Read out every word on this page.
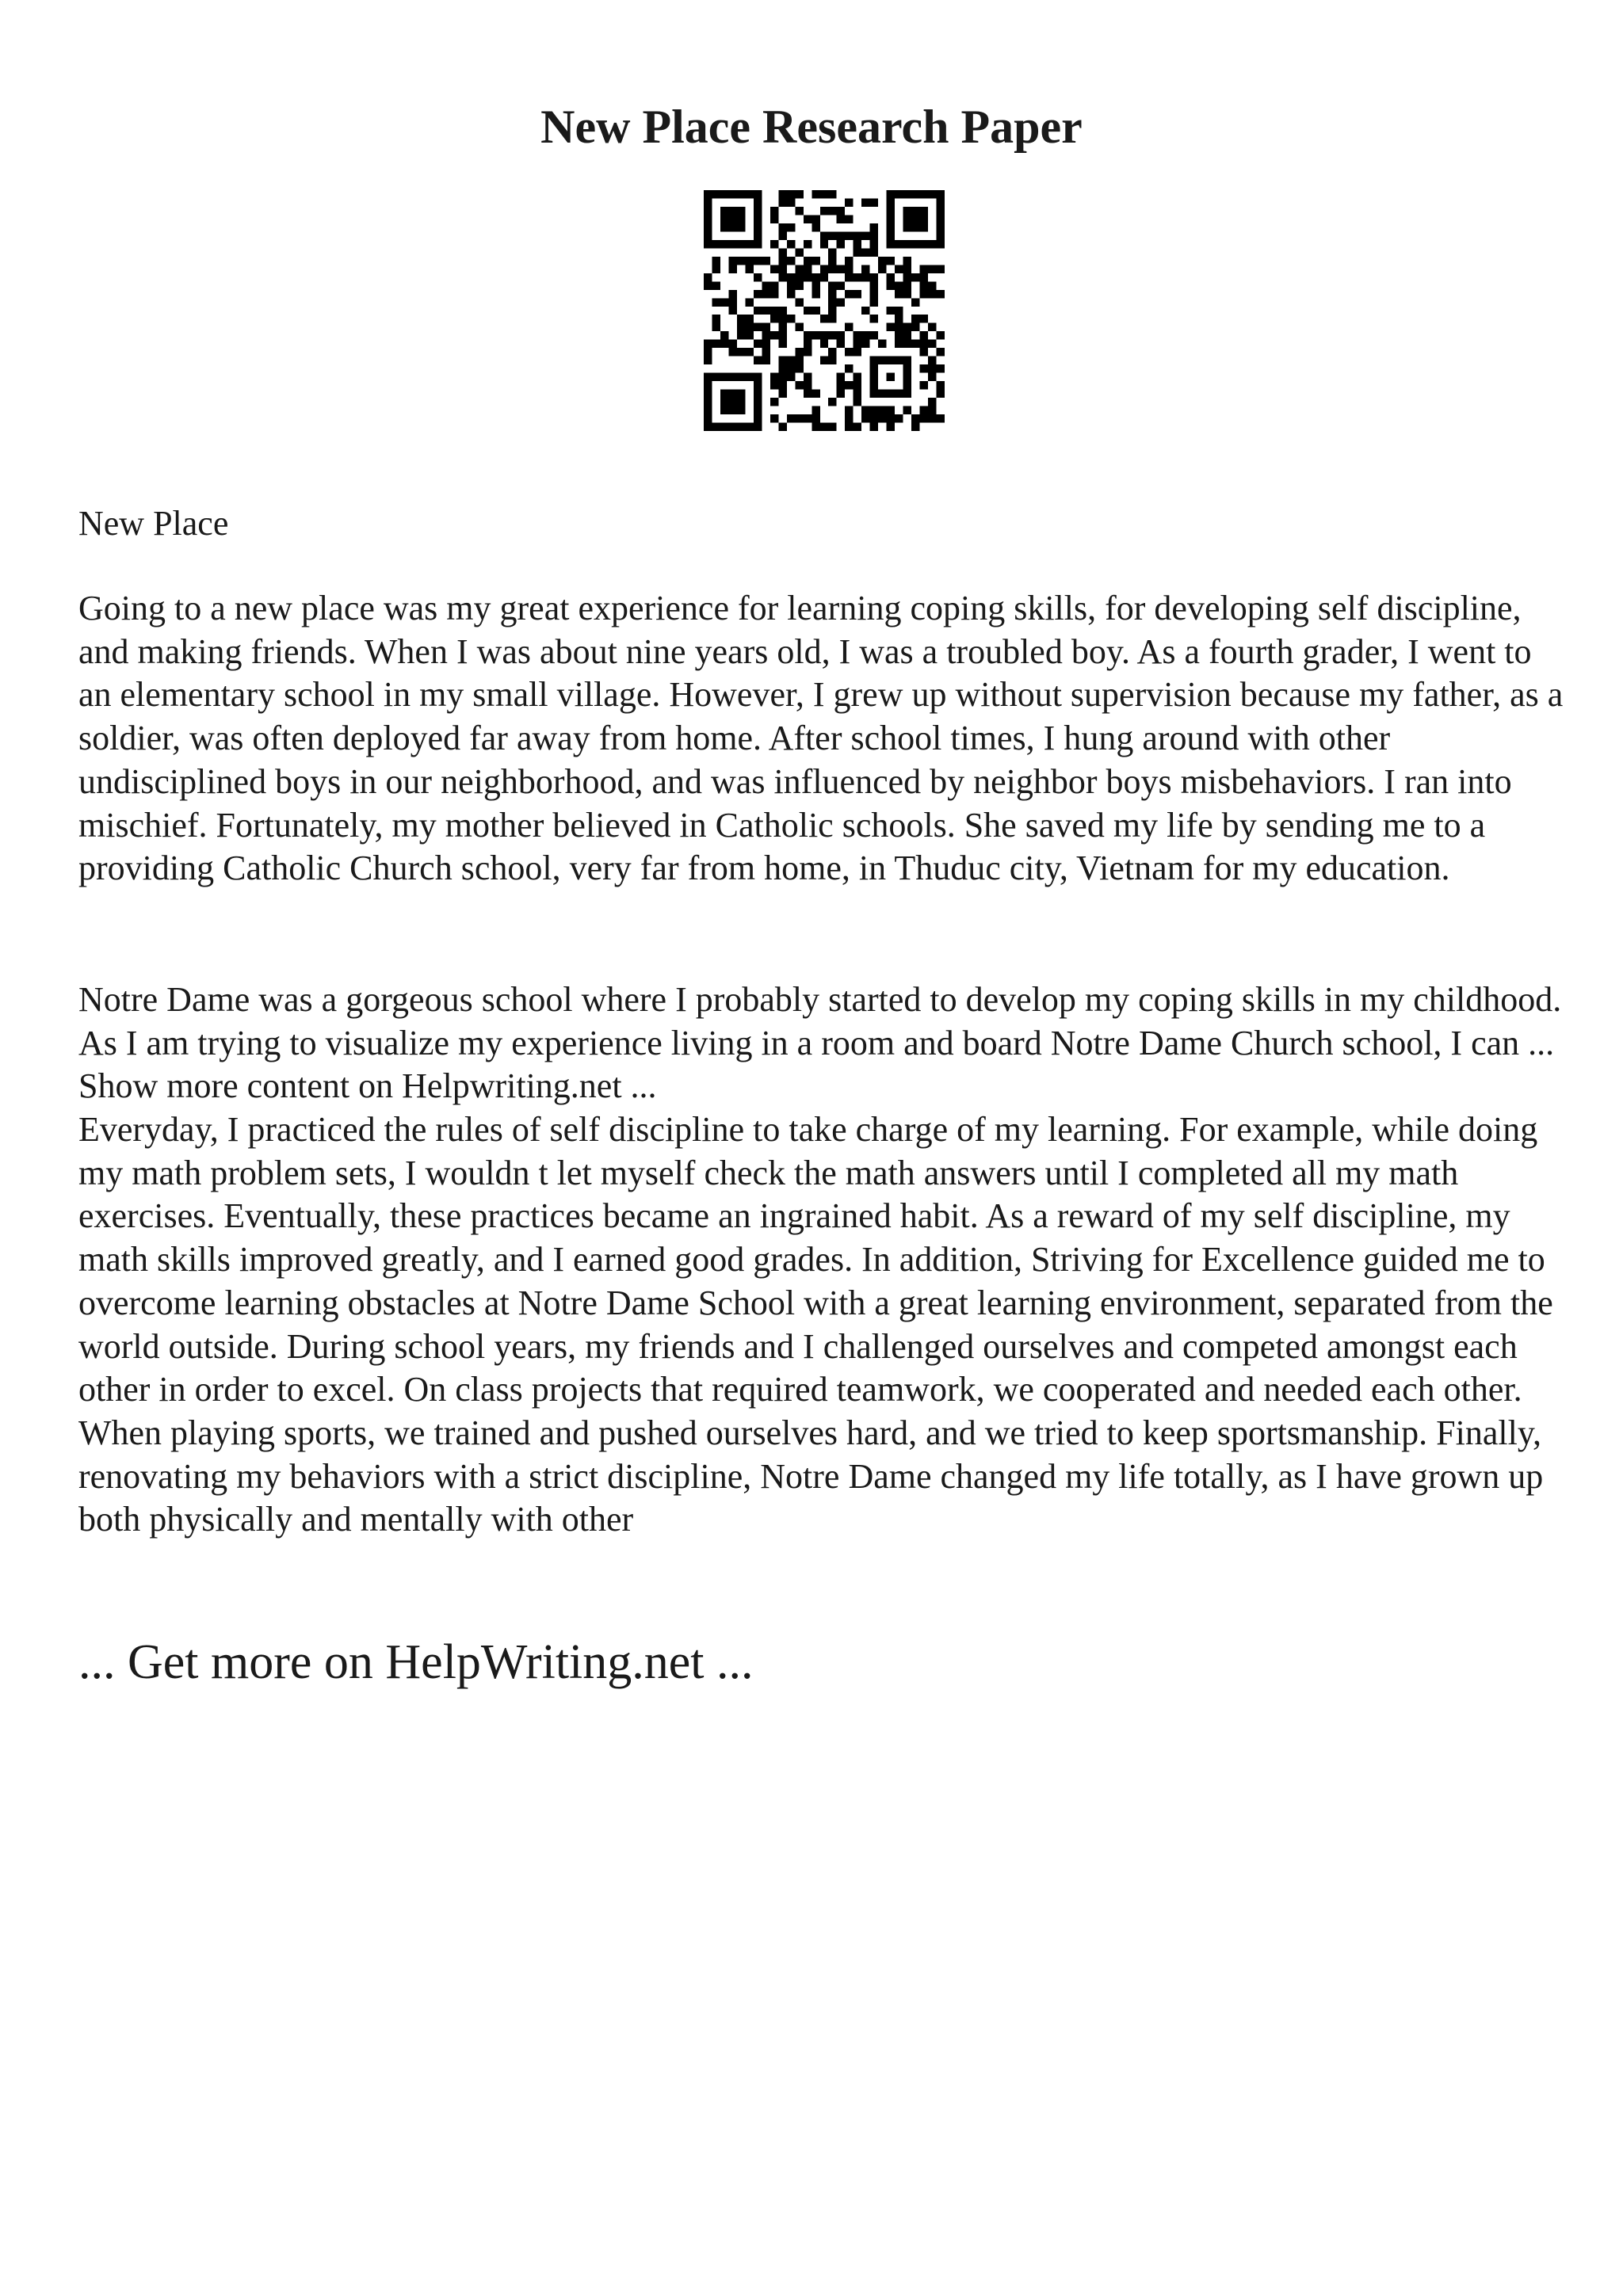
New Place Research Paper
New Place

Going to a new place was my great experience for learning coping skills, for developing self discipline, and making friends. When I was about nine years old, I was a troubled boy. As a fourth grader, I went to an elementary school in my small village. However, I grew up without supervision because my father, as a soldier, was often deployed far away from home. After school times, I hung around with other undisciplined boys in our neighborhood, and was influenced by neighbor boys misbehaviors. I ran into mischief. Fortunately, my mother believed in Catholic schools. She saved my life by sending me to a providing Catholic Church school, very far from home, in Thuduc city, Vietnam for my education.

Notre Dame was a gorgeous school where I probably started to develop my coping skills in my childhood. As I am trying to visualize my experience living in a room and board Notre Dame Church school, I can ... Show more content on Helpwriting.net ...

Everyday, I practiced the rules of self discipline to take charge of my learning. For example, while doing my math problem sets, I wouldn t let myself check the math answers until I completed all my math exercises. Eventually, these practices became an ingrained habit. As a reward of my self discipline, my math skills improved greatly, and I earned good grades. In addition, Striving for Excellence guided me to overcome learning obstacles at Notre Dame School with a great learning environment, separated from the world outside. During school years, my friends and I challenged ourselves and competed amongst each other in order to excel. On class projects that required teamwork, we cooperated and needed each other. When playing sports, we trained and pushed ourselves hard, and we tried to keep sportsmanship. Finally, renovating my behaviors with a strict discipline, Notre Dame changed my life totally, as I have grown up both physically and mentally with other

... Get more on HelpWriting.net ...
